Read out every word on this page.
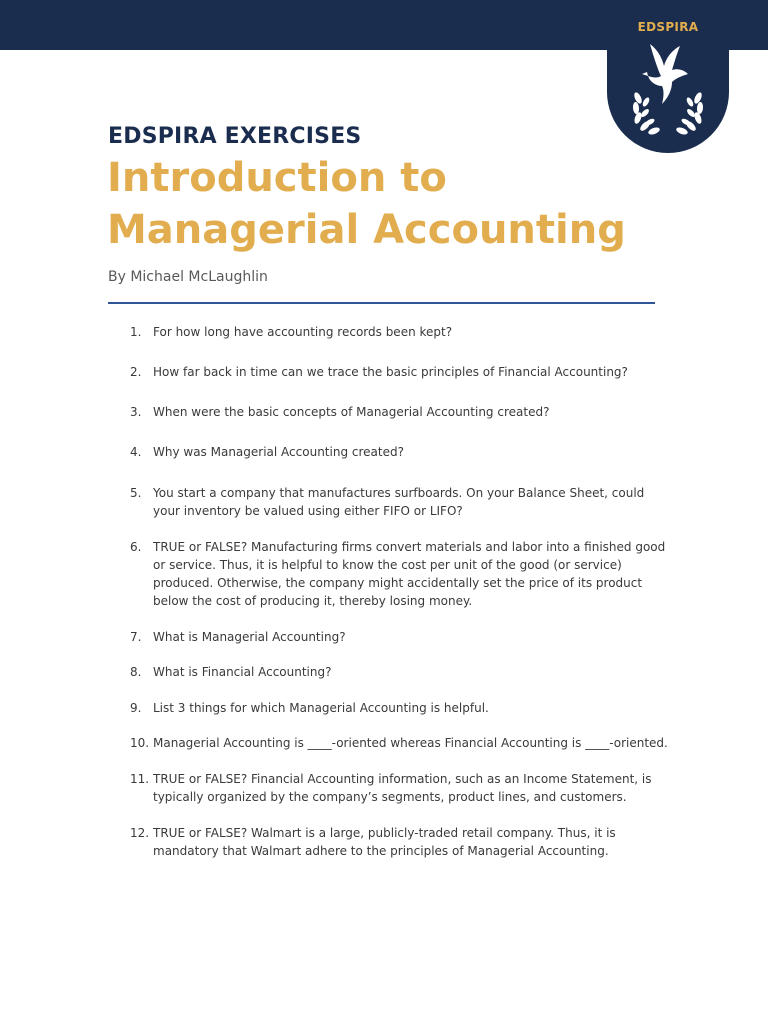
EDSPIRA
EDSPIRA EXERCISES
Introduction to Managerial Accounting

By Michael McLaughlin

1. For how long have accounting records been kept?
2. How far back in time can we trace the basic principles of Financial Accounting?
3. When were the basic concepts of Managerial Accounting created?
4. Why was Managerial Accounting created?
5. You start a company that manufactures surfboards. On your Balance Sheet, could your inventory be valued using either FIFO or LIFO?
6. TRUE or FALSE? Manufacturing firms convert materials and labor into a finished good or service. Thus, it is helpful to know the cost per unit of the good (or service) produced. Otherwise, the company might accidentally set the price of its product below the cost of producing it, thereby losing money.
7. What is Managerial Accounting?
8. What is Financial Accounting?
9. List 3 things for which Managerial Accounting is helpful.
10. Managerial Accounting is ____-oriented whereas Financial Accounting is ____-oriented.
11. TRUE or FALSE? Financial Accounting information, such as an Income Statement, is typically organized by the company’s segments, product lines, and customers.
12. TRUE or FALSE? Walmart is a large, publicly-traded retail company. Thus, it is mandatory that Walmart adhere to the principles of Managerial Accounting.
